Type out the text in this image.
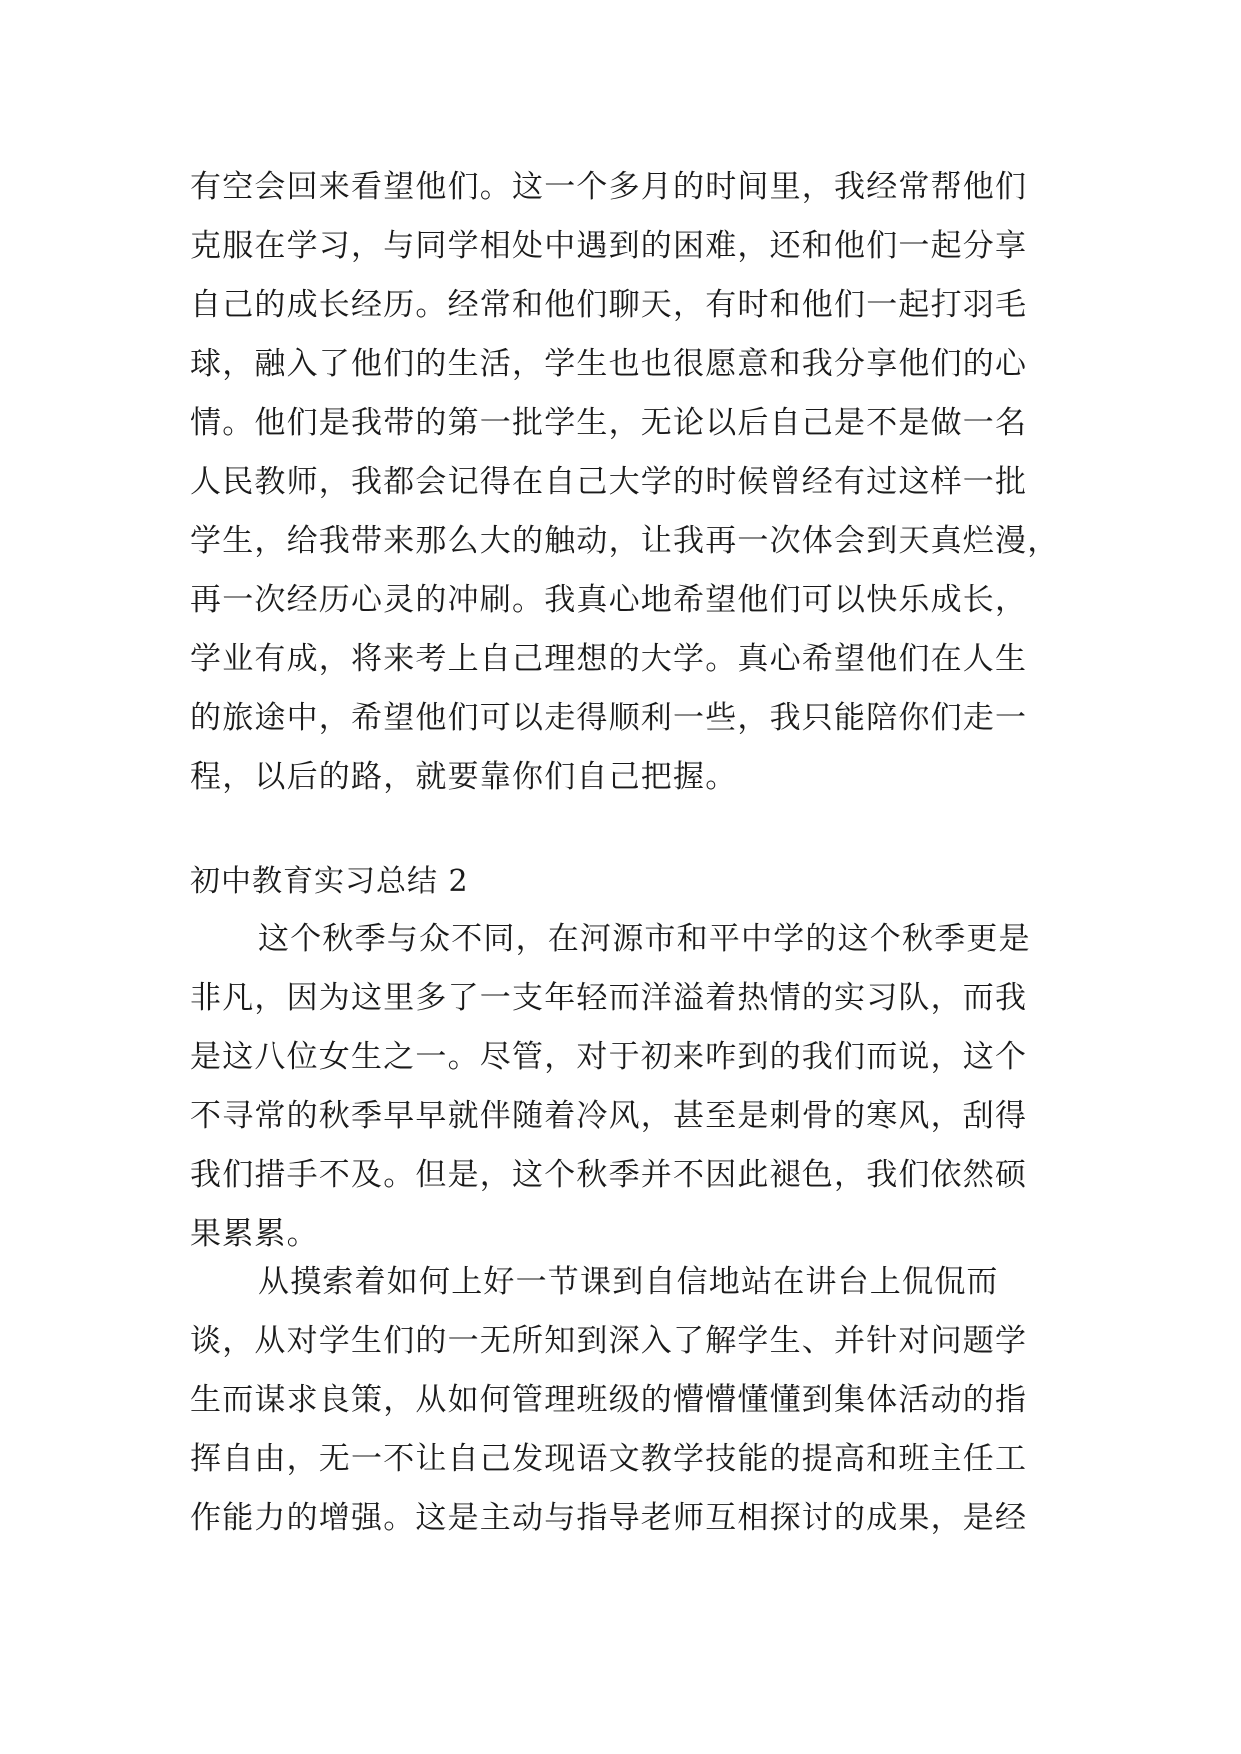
有空会回来看望他们。这一个多月的时间里，我经常帮他们
克服在学习，与同学相处中遇到的困难，还和他们一起分享
自己的成长经历。经常和他们聊天，有时和他们一起打羽毛
球，融入了他们的生活，学生也也很愿意和我分享他们的心
情。他们是我带的第一批学生，无论以后自己是不是做一名
人民教师，我都会记得在自己大学的时候曾经有过这样一批
学生，给我带来那么大的触动，让我再一次体会到天真烂漫，
再一次经历心灵的冲刷。我真心地希望他们可以快乐成长，
学业有成，将来考上自己理想的大学。真心希望他们在人生
的旅途中，希望他们可以走得顺利一些，我只能陪你们走一
程，以后的路，就要靠你们自己把握。
初中教育实习总结 2
这个秋季与众不同，在河源市和平中学的这个秋季更是
非凡，因为这里多了一支年轻而洋溢着热情的实习队，而我
是这八位女生之一。尽管，对于初来咋到的我们而说，这个
不寻常的秋季早早就伴随着冷风，甚至是刺骨的寒风，刮得
我们措手不及。但是，这个秋季并不因此褪色，我们依然硕
果累累。
从摸索着如何上好一节课到自信地站在讲台上侃侃而
谈，从对学生们的一无所知到深入了解学生、并针对问题学
生而谋求良策，从如何管理班级的懵懵懂懂到集体活动的指
挥自由，无一不让自己发现语文教学技能的提高和班主任工
作能力的增强。这是主动与指导老师互相探讨的成果，是经
